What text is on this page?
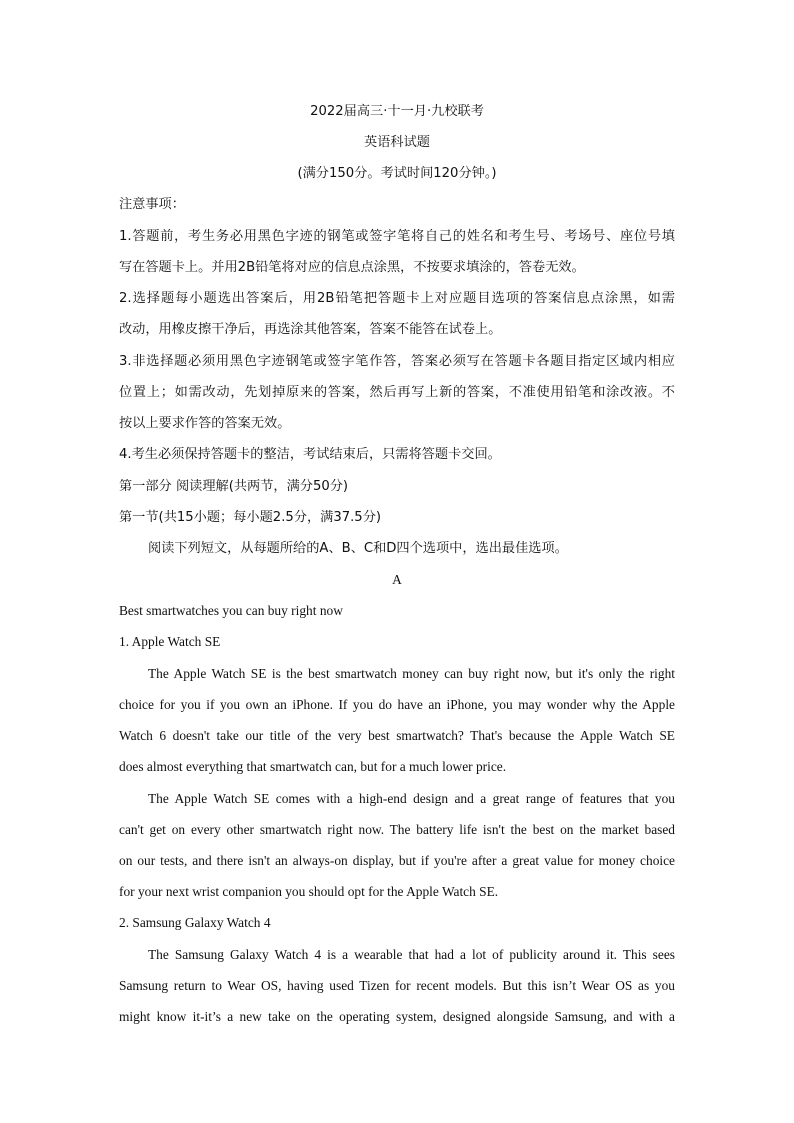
2022届高三·十一月·九校联考
英语科试题
(满分150分。考试时间120分钟。)
注意事项：
1.答题前，考生务必用黑色字迹的钢笔或签字笔将自己的姓名和考生号、考场号、座位号填
写在答题卡上。并用2B铅笔将对应的信息点涂黑，不按要求填涂的，答卷无效。
2.选择题每小题选出答案后，用2B铅笔把答题卡上对应题目选项的答案信息点涂黑，如需
改动，用橡皮擦干净后，再选涂其他答案，答案不能答在试卷上。
3.非选择题必须用黑色字迹钢笔或签字笔作答，答案必须写在答题卡各题目指定区域内相应
位置上；如需改动，先划掉原来的答案，然后再写上新的答案，不准使用铅笔和涂改液。不
按以上要求作答的答案无效。
4.考生必须保持答题卡的整洁，考试结束后，只需将答题卡交回。
第一部分 阅读理解(共两节，满分50分)
第一节(共15小题；每小题2.5分，满37.5分)
阅读下列短文，从每题所给的A、B、C和D四个选项中，选出最佳选项。
A
Best smartwatches you can buy right now
1. Apple Watch SE
The Apple Watch SE is the best smartwatch money can buy right now, but it's only the right
choice for you if you own an iPhone. If you do have an iPhone, you may wonder why the Apple
Watch 6 doesn't take our title of the very best smartwatch? That's because the Apple Watch SE
does almost everything that smartwatch can, but for a much lower price.
The Apple Watch SE comes with a high-end design and a great range of features that you
can't get on every other smartwatch right now. The battery life isn't the best on the market based
on our tests, and there isn't an always-on display, but if you're after a great value for money choice
for your next wrist companion you should opt for the Apple Watch SE.
2. Samsung Galaxy Watch 4
The Samsung Galaxy Watch 4 is a wearable that had a lot of publicity around it. This sees
Samsung return to Wear OS, having used Tizen for recent models. But this isn’t Wear OS as you
might know it-it’s a new take on the operating system, designed alongside Samsung, and with a
